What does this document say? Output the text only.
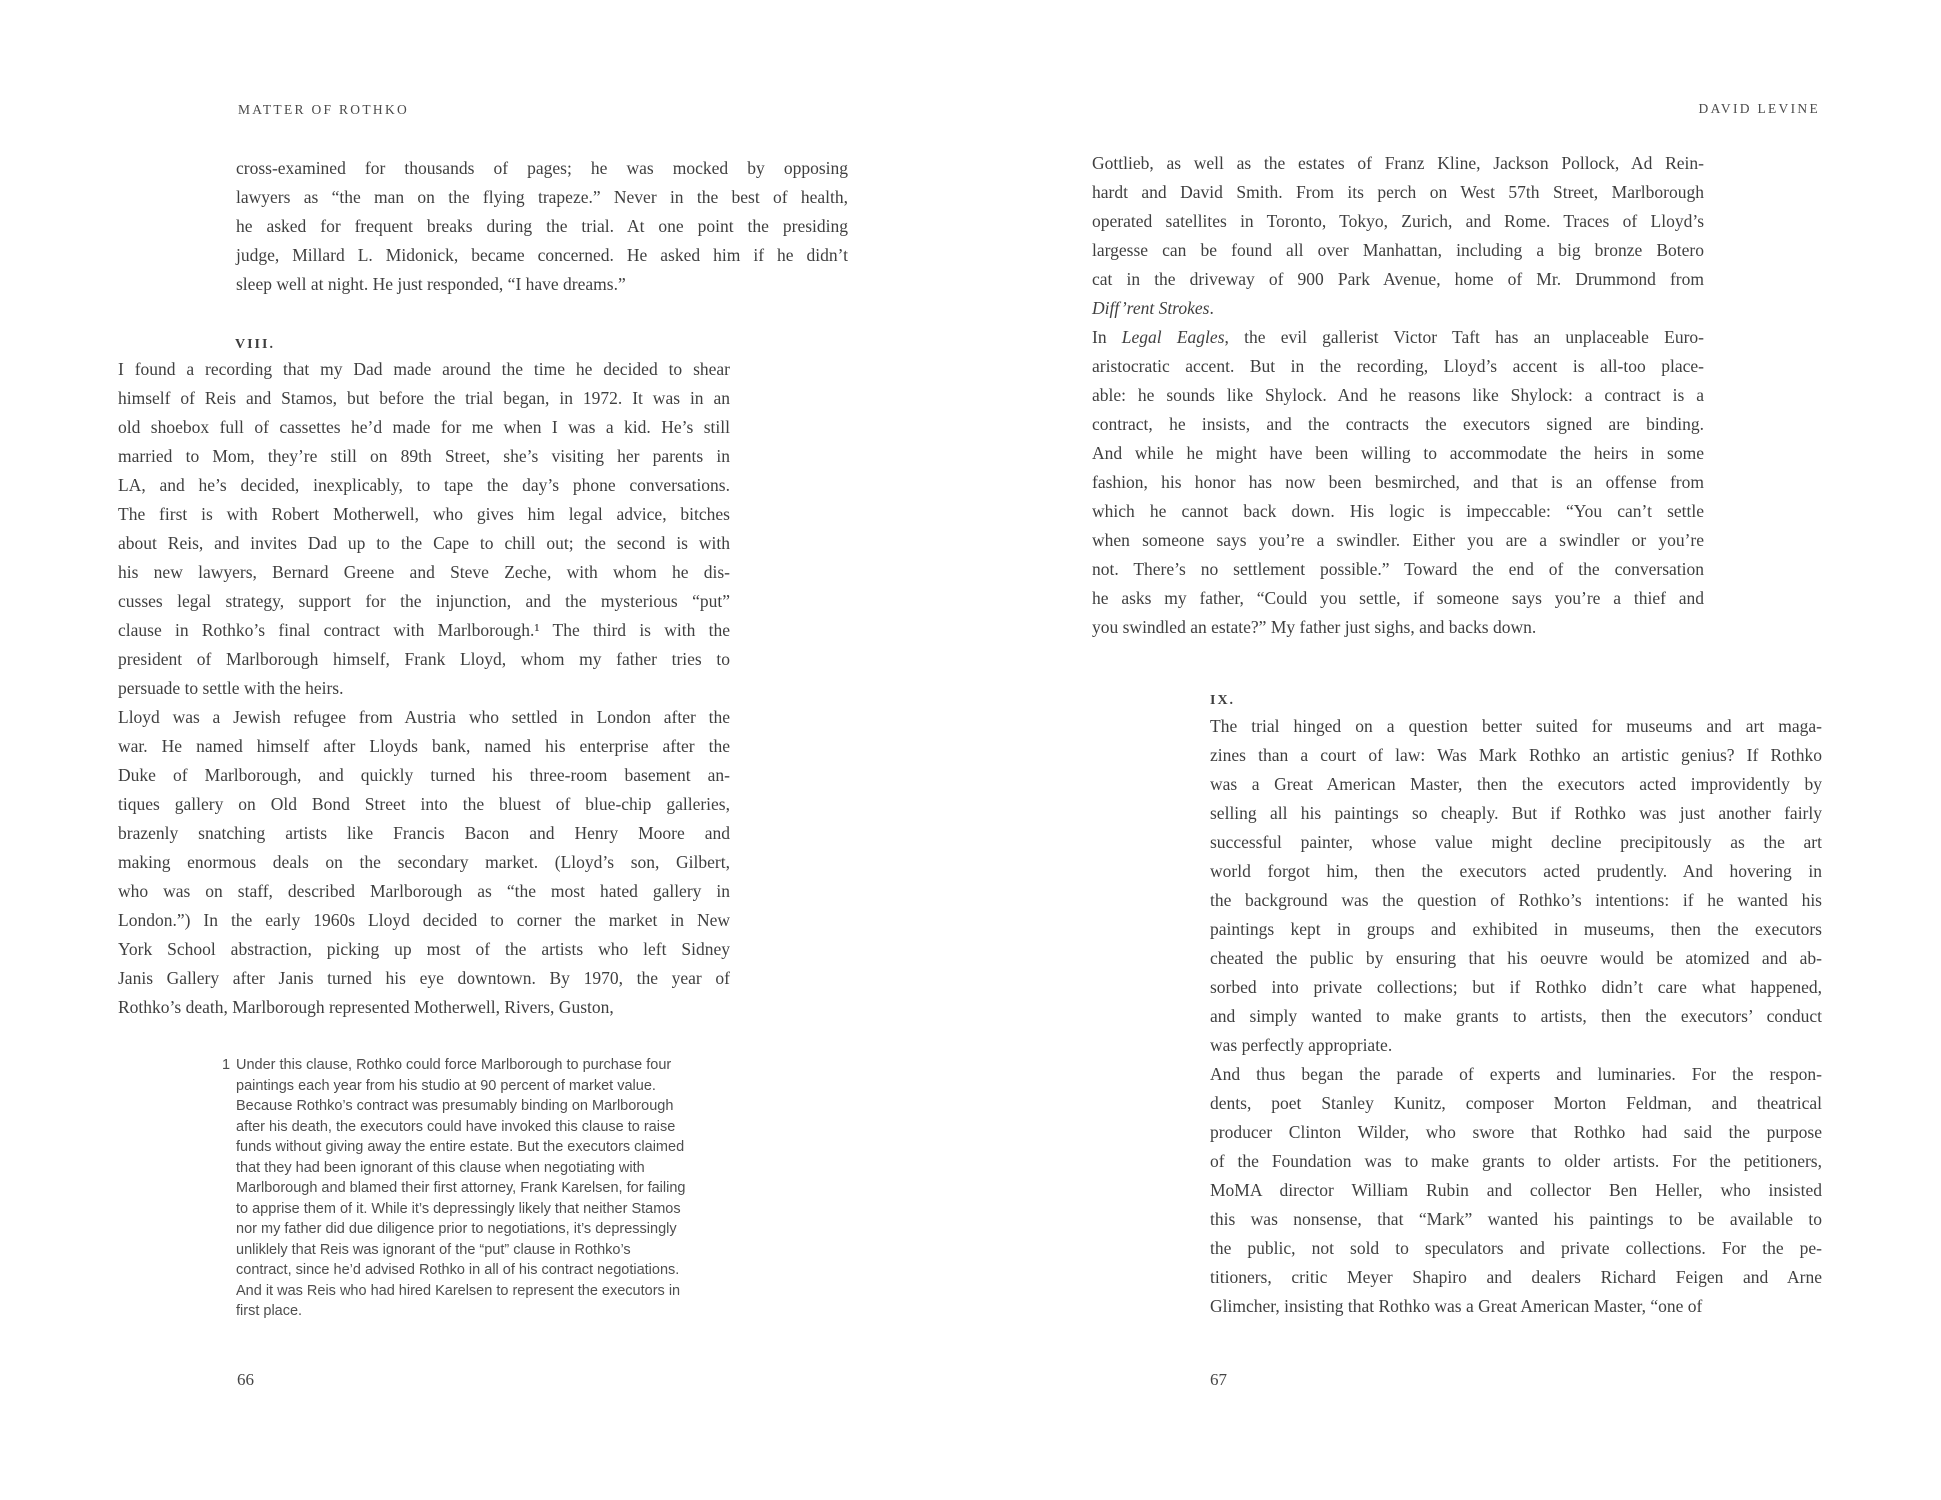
MATTER OF ROTHKO
cross-examined for thousands of pages; he was mocked by opposing
lawyers as “the man on the flying trapeze.” Never in the best of health,
he asked for frequent breaks during the trial. At one point the presiding
judge, Millard L. Midonick, became concerned. He asked him if he didn’t
sleep well at night. He just responded, “I have dreams.”
VIII.
I found a recording that my Dad made around the time he decided to shear
himself of Reis and Stamos, but before the trial began, in 1972. It was in an
old shoebox full of cassettes he’d made for me when I was a kid. He’s still
married to Mom, they’re still on 89th Street, she’s visiting her parents in
LA, and he’s decided, inexplicably, to tape the day’s phone conversations.
The first is with Robert Motherwell, who gives him legal advice, bitches
about Reis, and invites Dad up to the Cape to chill out; the second is with
his new lawyers, Bernard Greene and Steve Zeche, with whom he dis-
cusses legal strategy, support for the injunction, and the mysterious “put”
clause in Rothko’s final contract with Marlborough.¹ The third is with the
president of Marlborough himself, Frank Lloyd, whom my father tries to
persuade to settle with the heirs.
Lloyd was a Jewish refugee from Austria who settled in London after the
war. He named himself after Lloyds bank, named his enterprise after the
Duke of Marlborough, and quickly turned his three-room basement an-
tiques gallery on Old Bond Street into the bluest of blue-chip galleries,
brazenly snatching artists like Francis Bacon and Henry Moore and
making enormous deals on the secondary market. (Lloyd’s son, Gilbert,
who was on staff, described Marlborough as “the most hated gallery in
London.”) In the early 1960s Lloyd decided to corner the market in New
York School abstraction, picking up most of the artists who left Sidney
Janis Gallery after Janis turned his eye downtown. By 1970, the year of
Rothko’s death, Marlborough represented Motherwell, Rivers, Guston,
1 Under this clause, Rothko could force Marlborough to purchase four
paintings each year from his studio at 90 percent of market value.
Because Rothko’s contract was presumably binding on Marlborough
after his death, the executors could have invoked this clause to raise
funds without giving away the entire estate. But the executors claimed
that they had been ignorant of this clause when negotiating with
Marlborough and blamed their first attorney, Frank Karelsen, for failing
to apprise them of it. While it’s depressingly likely that neither Stamos
nor my father did due diligence prior to negotiations, it’s depressingly
unliklely that Reis was ignorant of the “put” clause in Rothko’s
contract, since he’d advised Rothko in all of his contract negotiations.
And it was Reis who had hired Karelsen to represent the executors in
first place.
66
DAVID LEVINE
Gottlieb, as well as the estates of Franz Kline, Jackson Pollock, Ad Rein-
hardt and David Smith. From its perch on West 57th Street, Marlborough
operated satellites in Toronto, Tokyo, Zurich, and Rome. Traces of Lloyd’s
largesse can be found all over Manhattan, including a big bronze Botero
cat in the driveway of 900 Park Avenue, home of Mr. Drummond from
Diff’rent Strokes.
In Legal Eagles, the evil gallerist Victor Taft has an unplaceable Euro-
aristocratic accent. But in the recording, Lloyd’s accent is all-too place-
able: he sounds like Shylock. And he reasons like Shylock: a contract is a
contract, he insists, and the contracts the executors signed are binding.
And while he might have been willing to accommodate the heirs in some
fashion, his honor has now been besmirched, and that is an offense from
which he cannot back down. His logic is impeccable: “You can’t settle
when someone says you’re a swindler. Either you are a swindler or you’re
not. There’s no settlement possible.” Toward the end of the conversation
he asks my father, “Could you settle, if someone says you’re a thief and
you swindled an estate?” My father just sighs, and backs down.
IX.
The trial hinged on a question better suited for museums and art maga-
zines than a court of law: Was Mark Rothko an artistic genius? If Rothko
was a Great American Master, then the executors acted improvidently by
selling all his paintings so cheaply. But if Rothko was just another fairly
successful painter, whose value might decline precipitously as the art
world forgot him, then the executors acted prudently. And hovering in
the background was the question of Rothko’s intentions: if he wanted his
paintings kept in groups and exhibited in museums, then the executors
cheated the public by ensuring that his oeuvre would be atomized and ab-
sorbed into private collections; but if Rothko didn’t care what happened,
and simply wanted to make grants to artists, then the executors’ conduct
was perfectly appropriate.
And thus began the parade of experts and luminaries. For the respon-
dents, poet Stanley Kunitz, composer Morton Feldman, and theatrical
producer Clinton Wilder, who swore that Rothko had said the purpose
of the Foundation was to make grants to older artists. For the petitioners,
MoMA director William Rubin and collector Ben Heller, who insisted
this was nonsense, that “Mark” wanted his paintings to be available to
the public, not sold to speculators and private collections. For the pe-
titioners, critic Meyer Shapiro and dealers Richard Feigen and Arne
Glimcher, insisting that Rothko was a Great American Master, “one of
67
